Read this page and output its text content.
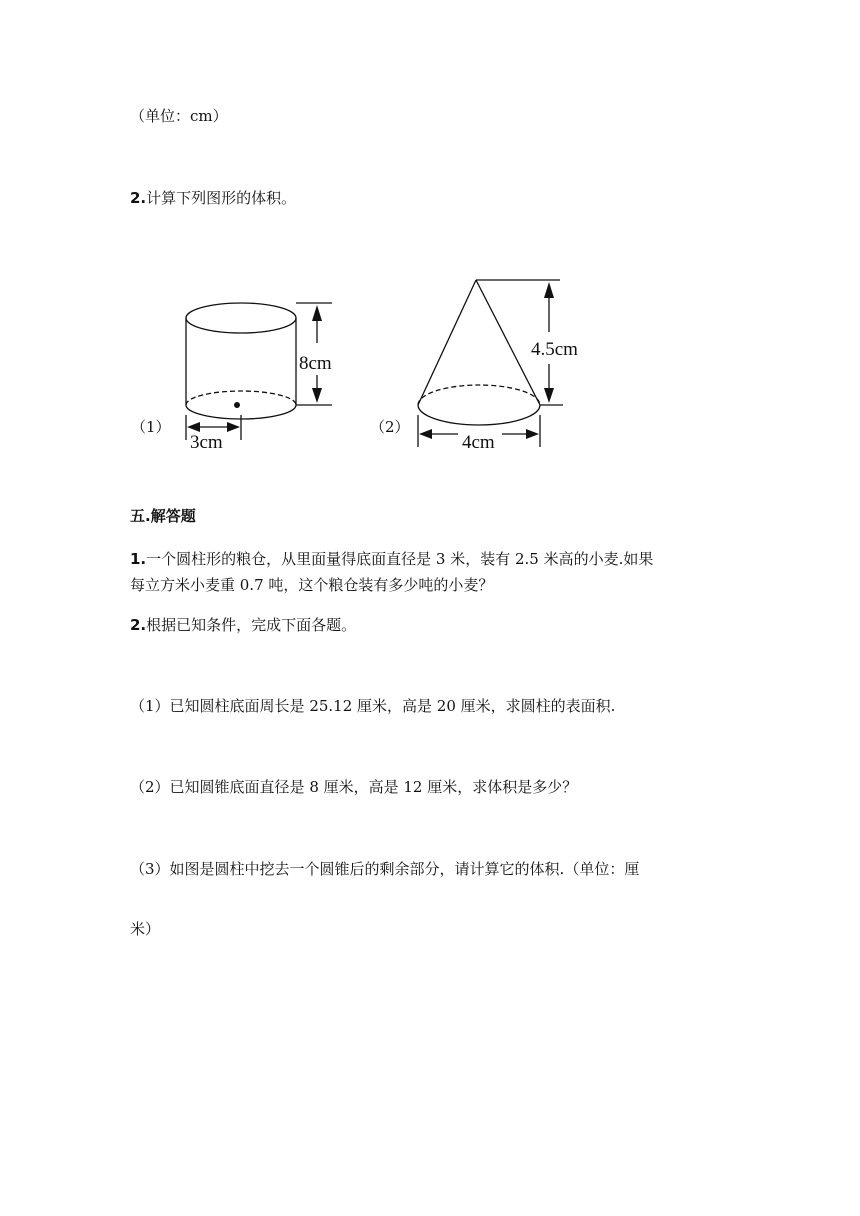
（单位：cm）
2.计算下列图形的体积。
8cm
3cm
（1）
4.5cm
4cm
（2）
五.解答题
1.一个圆柱形的粮仓，从里面量得底面直径是 3 米，装有 2.5 米高的小麦.如果
每立方米小麦重 0.7 吨，这个粮仓装有多少吨的小麦？
2.根据已知条件，完成下面各题。
（1）已知圆柱底面周长是 25.12 厘米，高是 20 厘米，求圆柱的表面积.
（2）已知圆锥底面直径是 8 厘米，高是 12 厘米，求体积是多少？
（3）如图是圆柱中挖去一个圆锥后的剩余部分，请计算它的体积.（单位：厘
米）
